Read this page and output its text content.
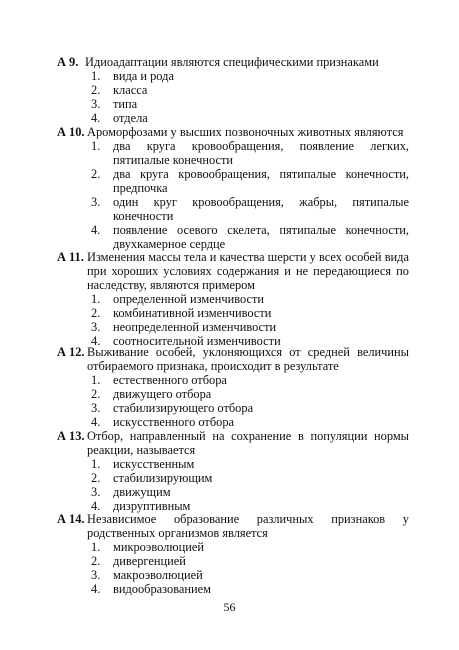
А 9. Идиоадаптации являются специфическими признаками
1.	вида и рода
2.	класса
3.	типа
4.	отдела
А 10. Ароморфозами у высших позвоночных животных являются
1.	два круга кровообращения, появление легких, пятипалые конечности
2.	два круга кровообращения, пятипалые конечности, предпочка
3.	один круг кровообращения, жабры, пятипалые конечности
4.	появление осевого скелета, пятипалые конечности, двухкамерное сердце
А 11. Изменения массы тела и качества шерсти у всех особей вида при хороших условиях содержания и не передающиеся по наследству, являются примером
1.	определенной изменчивости
2.	комбинативной изменчивости
3.	неопределенной изменчивости
4.	соотносительной изменчивости
А 12. Выживание особей, уклоняющихся от средней величины отбираемого признака, происходит в результате
1.	естественного отбора
2.	движущего отбора
3.	стабилизирующего отбора
4.	искусственного отбора
А 13. Отбор, направленный на сохранение в популяции нормы реакции, называется
1.	искусственным
2.	стабилизирующим
3.	движущим
4.	дизруптивным
А 14. Независимое образование различных признаков у родственных организмов является
1.	микроэволюцией
2.	дивергенцией
3.	макроэволюцией
4.	видообразованием
56
